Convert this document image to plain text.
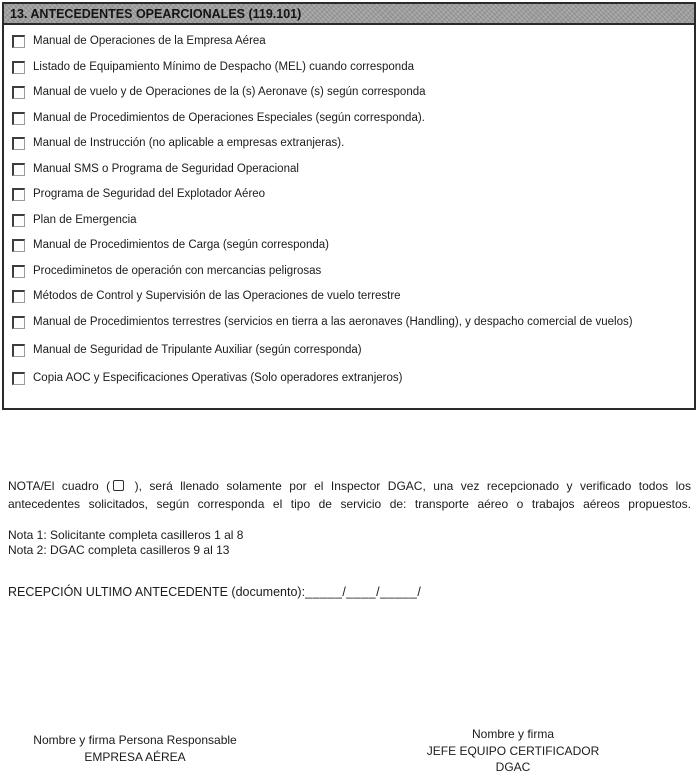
13. ANTECEDENTES OPEARCIONALES (119.101)
Manual de Operaciones de la Empresa Aérea
Listado de Equipamiento Mínimo de Despacho (MEL) cuando corresponda
Manual de vuelo y de Operaciones de la (s) Aeronave (s) según corresponda
Manual de Procedimientos de Operaciones Especiales (según corresponda).
Manual de Instrucción (no aplicable a empresas extranjeras).
Manual SMS o Programa de Seguridad Operacional
Programa de Seguridad del Explotador Aéreo
Plan de Emergencia
Manual de Procedimientos de Carga (según corresponda)
Procediminetos de operación con mercancias peligrosas
Métodos de Control y Supervisión de las Operaciones de vuelo terrestre
Manual de Procedimientos terrestres (servicios en tierra a las aeronaves (Handling), y despacho comercial de vuelos)
Manual de Seguridad de Tripulante Auxiliar (según corresponda)
Copia AOC y Especificaciones Operativas (Solo operadores extranjeros)
NOTA/El cuadro ( ), será llenado solamente por el Inspector DGAC, una vez recepcionado y verificado todos los antecedentes solicitados, según corresponda el tipo de servicio de: transporte aéreo o trabajos aéreos propuestos.
Nota 1: Solicitante completa casilleros 1 al 8
Nota 2: DGAC completa casilleros 9 al 13
RECEPCIÓN ULTIMO ANTECEDENTE (documento):_____/____/_____/
Nombre y firma Persona Responsable
EMPRESA AÉREA
Nombre y firma
JEFE EQUIPO CERTIFICADOR
DGAC
